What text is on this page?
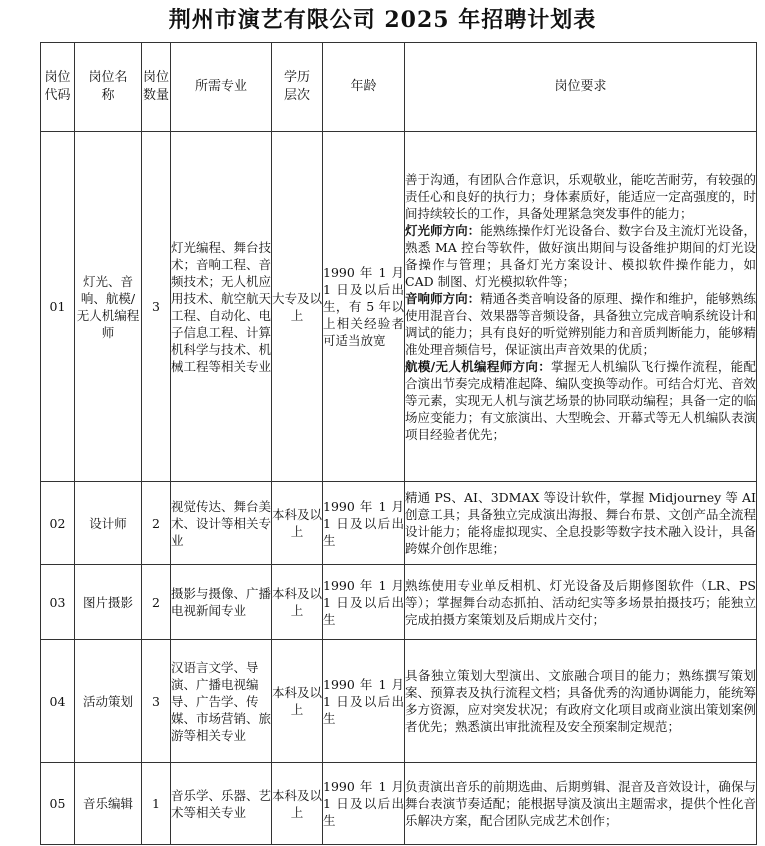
荆州市演艺有限公司 2025 年招聘计划表
岗位代码	岗位名称	岗位数量	所需专业	学历层次	年龄	岗位要求
01	灯光、音响、航模/无人机编程师	3	灯光编程、舞台技术；音响工程、音频技术；无人机应用技术、航空航天工程、自动化、电子信息工程、计算机科学与技术、机械工程等相关专业	大专及以上	1990 年 1 月 1 日及以后出生，有 5 年以上相关经验者可适当放宽	善于沟通，有团队合作意识，乐观敬业，能吃苦耐劳，有较强的责任心和良好的执行力；身体素质好，能适应一定高强度的，时间持续较长的工作，具备处理紧急突发事件的能力；
灯光师方向：能熟练操作灯光设备台、数字台及主流灯光设备，熟悉 MA 控台等软件，做好演出期间与设备维护期间的灯光设备操作与管理；具备灯光方案设计、模拟软件操作能力，如 CAD 制图、灯光模拟软件等；
音响师方向：精通各类音响设备的原理、操作和维护，能够熟练使用混音台、效果器等音频设备，具备独立完成音响系统设计和调试的能力；具有良好的听觉辨别能力和音质判断能力，能够精准处理音频信号，保证演出声音效果的优质；
航模/无人机编程师方向：掌握无人机编队飞行操作流程，能配合演出节奏完成精准起降、编队变换等动作。可结合灯光、音效等元素，实现无人机与演艺场景的协同联动编程；具备一定的临场应变能力；有文旅演出、大型晚会、开幕式等无人机编队表演项目经验者优先；

02	设计师	2	视觉传达、舞台美术、设计等相关专业	本科及以上	1990 年 1 月 1 日及以后出生	精通 PS、AI、3DMAX 等设计软件，掌握 Midjourney 等 AI 创意工具；具备独立完成演出海报、舞台布景、文创产品全流程设计能力；能将虚拟现实、全息投影等数字技术融入设计，具备跨媒介创作思维；
03	图片摄影	2	摄影与摄像、广播电视新闻专业	本科及以上	1990 年 1 月 1 日及以后出生	熟练使用专业单反相机、灯光设备及后期修图软件（LR、PS 等）；掌握舞台动态抓拍、活动纪实等多场景拍摄技巧；能独立完成拍摄方案策划及后期成片交付；
04	活动策划	3	汉语言文学、导演、广播电视编导、广告学、传媒、市场营销、旅游等相关专业	本科及以上	1990 年 1 月 1 日及以后出生	具备独立策划大型演出、文旅融合项目的能力；熟练撰写策划案、预算表及执行流程文档；具备优秀的沟通协调能力，能统筹多方资源，应对突发状况；有政府文化项目或商业演出策划案例者优先；熟悉演出审批流程及安全预案制定规范；
05	音乐编辑	1	音乐学、乐器、艺术等相关专业	本科及以上	1990 年 1 月 1 日及以后出生	负责演出音乐的前期选曲、后期剪辑、混音及音效设计，确保与舞台表演节奏适配；能根据导演及演出主题需求，提供个性化音乐解决方案，配合团队完成艺术创作；
